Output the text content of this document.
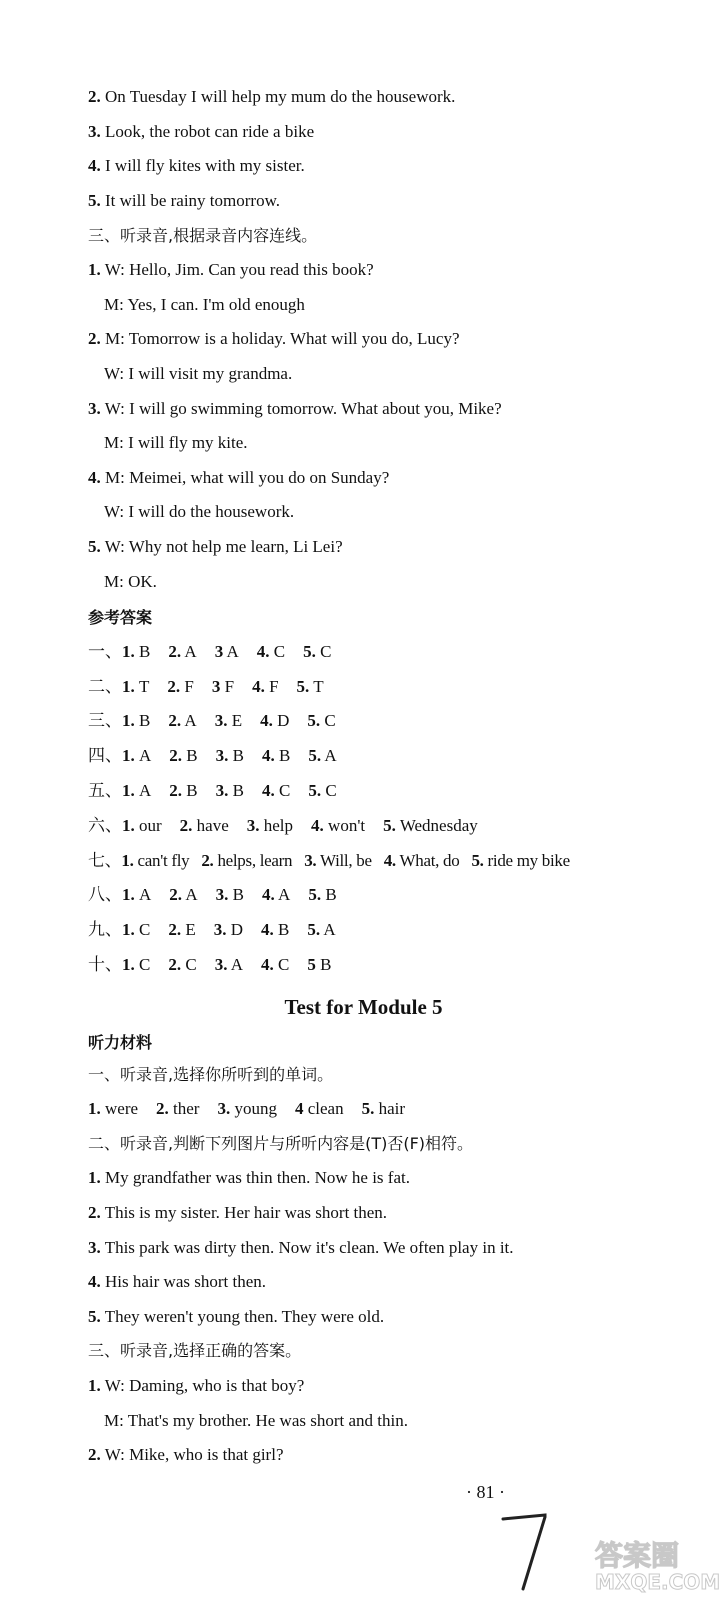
2. On Tuesday I will help my mum do the housework.
3. Look, the robot can ride a bike
4. I will fly kites with my sister.
5. It will be rainy tomorrow.
三、听录音,根据录音内容连线。
1. W: Hello, Jim. Can you read this book?
M: Yes, I can. I'm old enough
2. M: Tomorrow is a holiday. What will you do, Lucy?
W: I will visit my grandma.
3. W: I will go swimming tomorrow. What about you, Mike?
M: I will fly my kite.
4. M: Meimei, what will you do on Sunday?
W: I will do the housework.
5. W: Why not help me learn, Li Lei?
M: OK.
参考答案
一、1. B 2. A 3 A 4. C 5. C
二、1. T 2. F 3 F 4. F 5. T
三、1. B 2. A 3. E 4. D 5. C
四、1. A 2. B 3. B 4. B 5. A
五、1. A 2. B 3. B 4. C 5. C
六、1. our 2. have 3. help 4. won't 5. Wednesday
七、1. can't fly 2. helps, learn 3. Will, be 4. What, do 5. ride my bike
八、1. A 2. A 3. B 4. A 5. B
九、1. C 2. E 3. D 4. B 5. A
十、1. C 2. C 3. A 4. C 5 B
Test for Module 5
听力材料
一、听录音,选择你所听到的单词。
1. were 2. ther 3. young 4 clean 5. hair
二、听录音,判断下列图片与所听内容是(T)否(F)相符。
1. My grandfather was thin then. Now he is fat.
2. This is my sister. Her hair was short then.
3. This park was dirty then. Now it's clean. We often play in it.
4. His hair was short then.
5. They weren't young then. They were old.
三、听录音,选择正确的答案。
1. W: Daming, who is that boy?
M: That's my brother. He was short and thin.
2. W: Mike, who is that girl?
· 81 ·
答案圈
MXQE.COM
